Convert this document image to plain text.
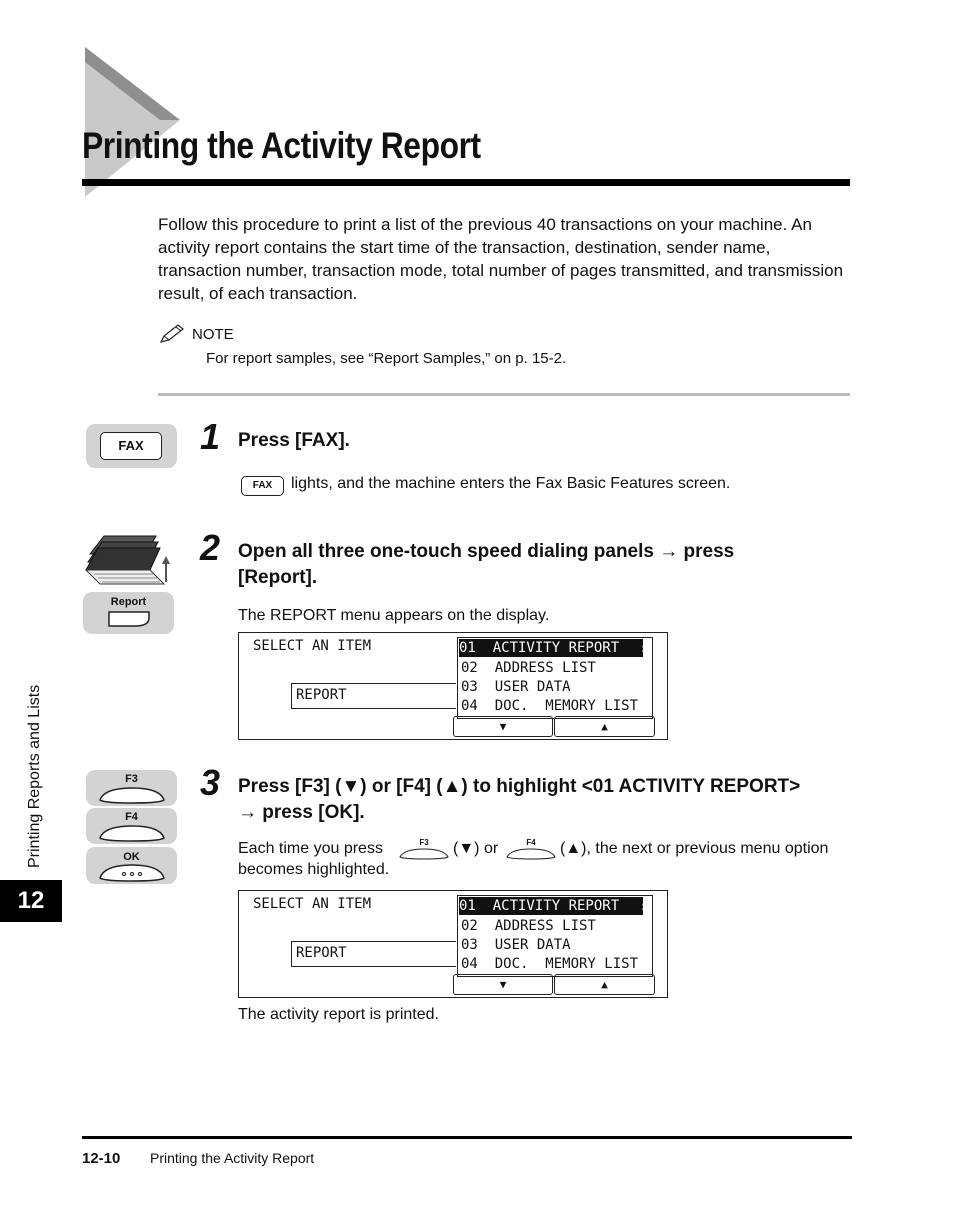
Printing the Activity Report
Follow this procedure to print a list of the previous 40 transactions on your machine. An activity report contains the start time of the transaction, destination, sender name, transaction number, transaction mode, total number of pages transmitted, and transmission result, of each transaction.
NOTE
For report samples, see “Report Samples,” on p. 15-2.
FAX	1 Press [FAX].
FAX	lights, and the machine enters the Fax Basic Features screen.
Report
2 Open all three one-touch speed dialing panels → press
[Report].
The REPORT menu appears on the display.
SELECT AN ITEM
REPORT
01  ACTIVITY REPORT
02  ADDRESS LIST
03  USER DATA
04  DOC.  MEMORY LIST
▲
▼
▼	▲
F3
F4
OK
3 Press [F3] (▼) or [F4] (▲) to highlight <01 ACTIVITY REPORT>
→ press [OK].
Each time you press	F3	(▼) or	F4	(▲), the next or previous menu option
becomes highlighted.
SELECT AN ITEM
REPORT
01  ACTIVITY REPORT
02  ADDRESS LIST
03  USER DATA
04  DOC.  MEMORY LIST
▲
▼
▼	▲
The activity report is printed.
Printing Reports and Lists
12
12-10 Printing the Activity Report
